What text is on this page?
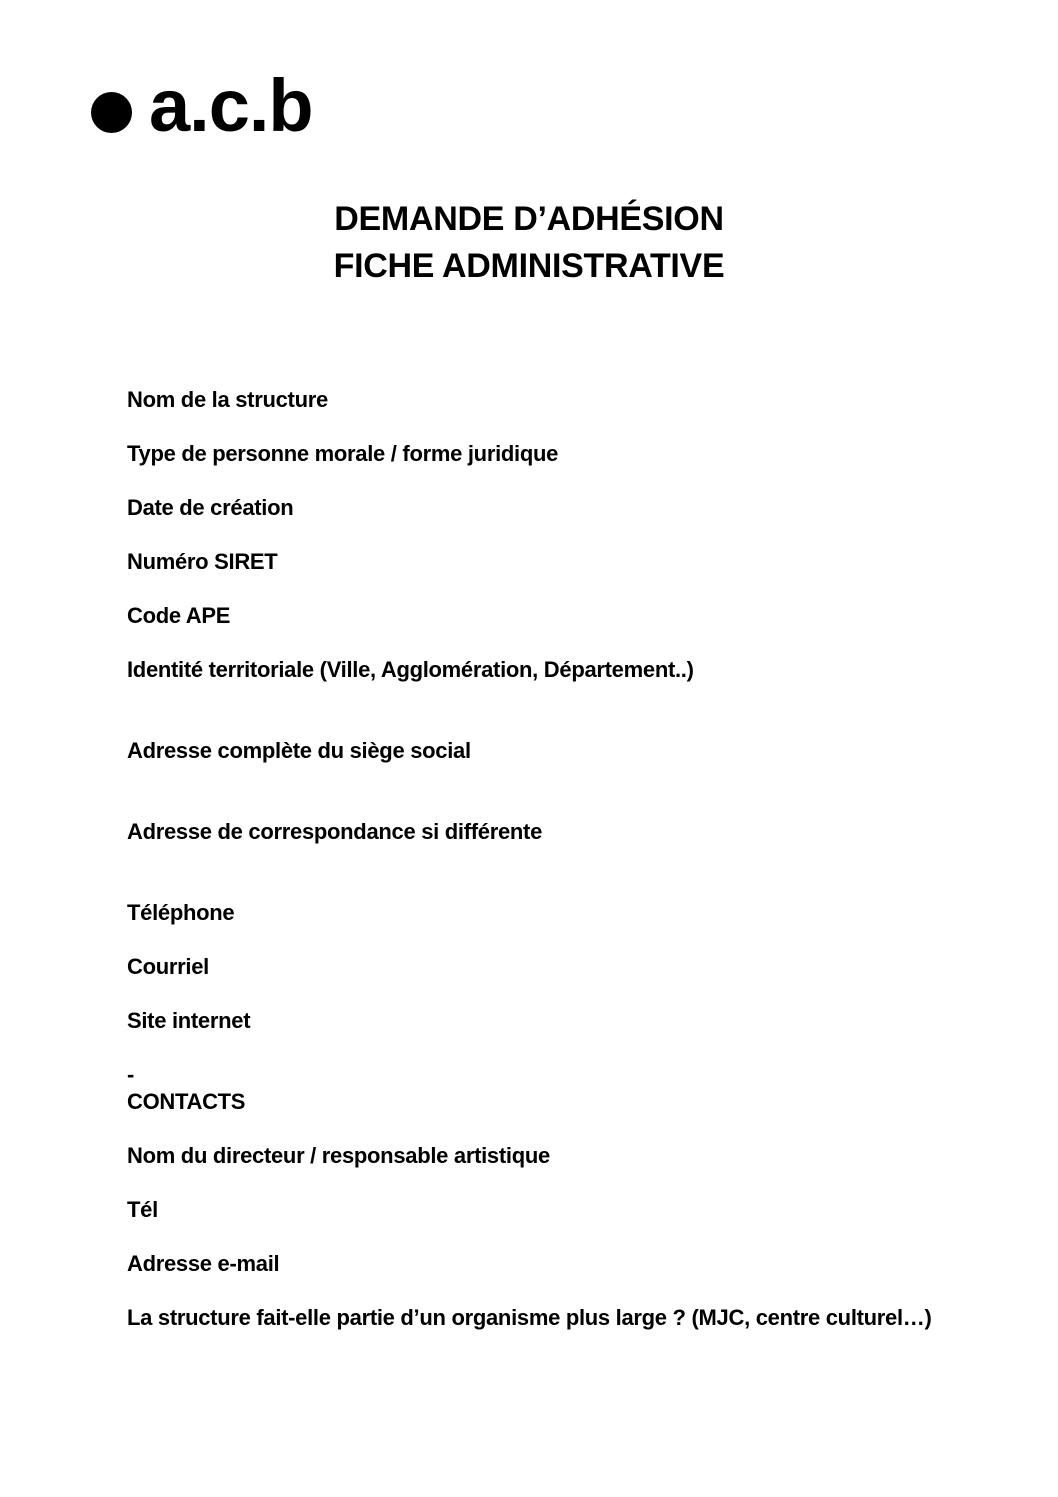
a.c.b
DEMANDE D’ADHÉSION
FICHE ADMINISTRATIVE
Nom de la structure
Type de personne morale / forme juridique
Date de création
Numéro SIRET
Code APE
Identité territoriale (Ville, Agglomération, Département..)
Adresse complète du siège social
Adresse de correspondance si différente
Téléphone
Courriel
Site internet
-
CONTACTS
Nom du directeur / responsable artistique
Tél
Adresse e-mail
La structure fait-elle partie d’un organisme plus large ? (MJC, centre culturel…)
